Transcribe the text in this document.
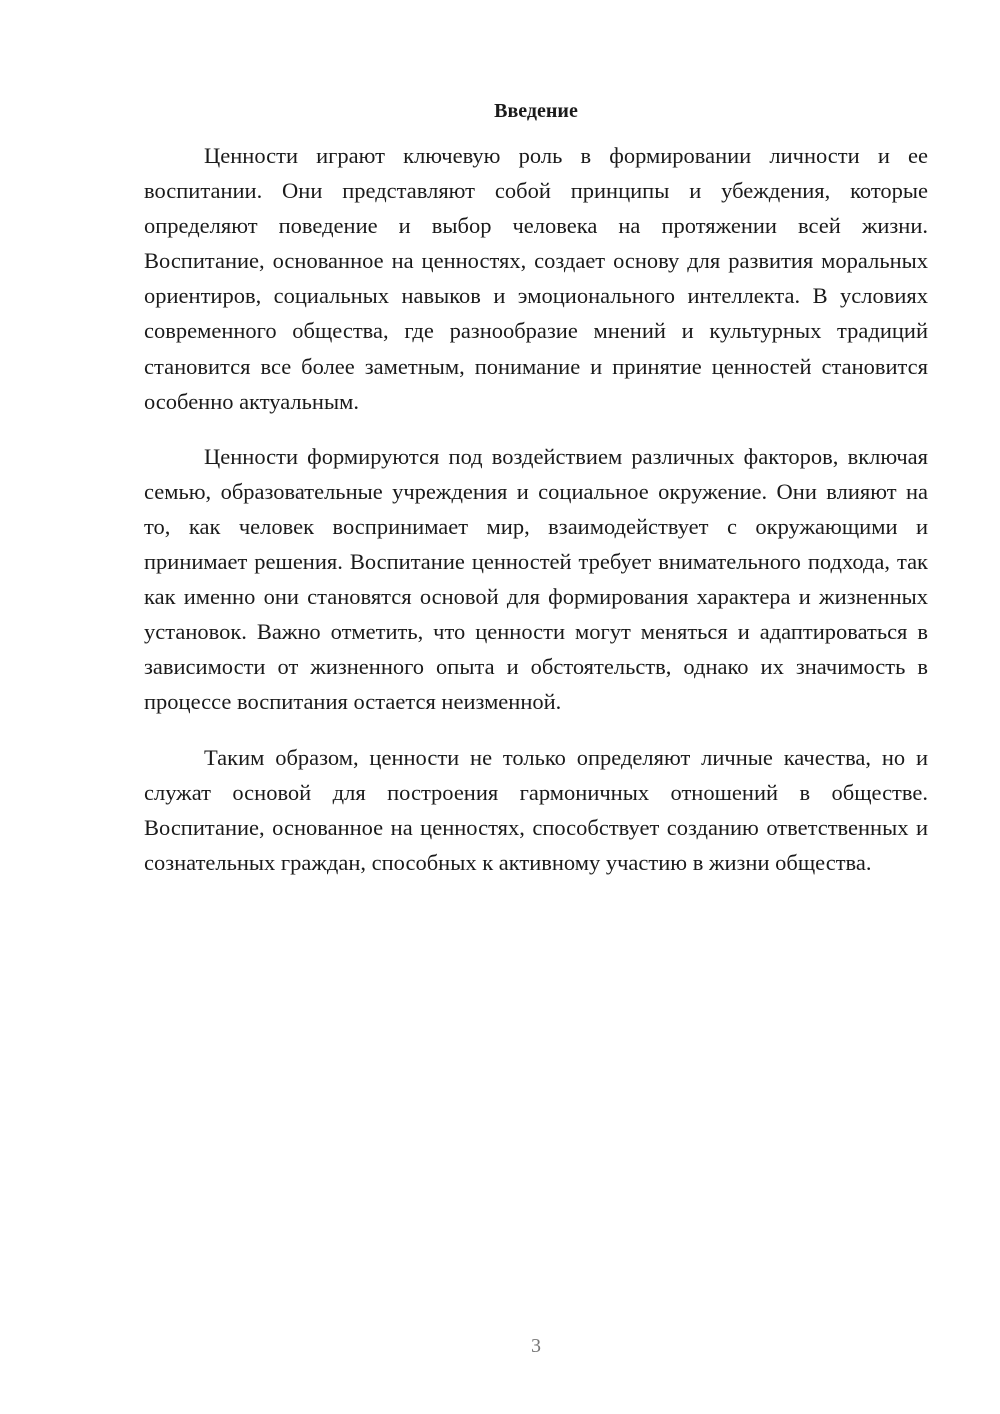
Введение

Ценности играют ключевую роль в формировании личности и ее воспитании. Они представляют собой принципы и убеждения, которые определяют поведение и выбор человека на протяжении всей жизни. Воспитание, основанное на ценностях, создает основу для развития моральных ориентиров, социальных навыков и эмоционального интеллекта. В условиях современного общества, где разнообразие мнений и культурных традиций становится все более заметным, понимание и принятие ценностей становится особенно актуальным.

Ценности формируются под воздействием различных факторов, включая семью, образовательные учреждения и социальное окружение. Они влияют на то, как человек воспринимает мир, взаимодействует с окружающими и принимает решения. Воспитание ценностей требует внимательного подхода, так как именно они становятся основой для формирования характера и жизненных установок. Важно отметить, что ценности могут меняться и адаптироваться в зависимости от жизненного опыта и обстоятельств, однако их значимость в процессе воспитания остается неизменной.

Таким образом, ценности не только определяют личные качества, но и служат основой для построения гармоничных отношений в обществе. Воспитание, основанное на ценностях, способствует созданию ответственных и сознательных граждан, способных к активному участию в жизни общества.

3
